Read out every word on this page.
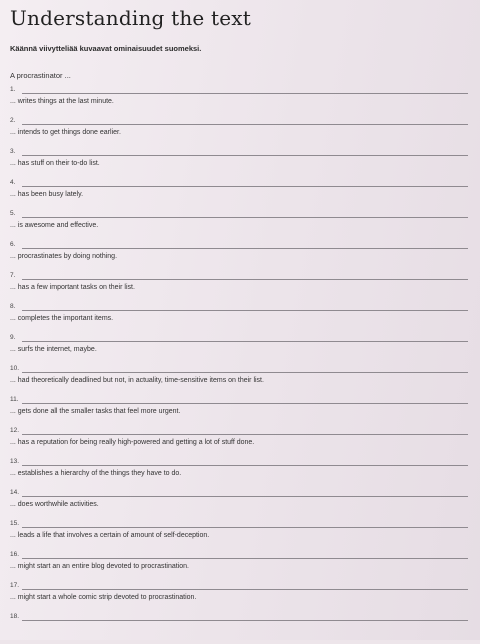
Understanding the text
Käännä viivytteliää kuvaavat ominaisuudet suomeksi.
A procrastinator ...
1.
... writes things at the last minute.
2.
... intends to get things done earlier.
3.
... has stuff on their to-do list.
4.
... has been busy lately.
5.
... is awesome and effective.
6.
... procrastinates by doing nothing.
7.
... has a few important tasks on their list.
8.
... completes the important items.
9.
... surfs the internet, maybe.
10.
... had theoretically deadlined but not, in actuality, time-sensitive items on their list.
11.
... gets done all the smaller tasks that feel more urgent.
12.
... has a reputation for being really high-powered and getting a lot of stuff done.
13.
... establishes a hierarchy of the things they have to do.
14.
... does worthwhile activities.
15.
... leads a life that involves a certain of amount of self-deception.
16.
... might start an an entire blog devoted to procrastination.
17.
... might start a whole comic strip devoted to procrastination.
18.
